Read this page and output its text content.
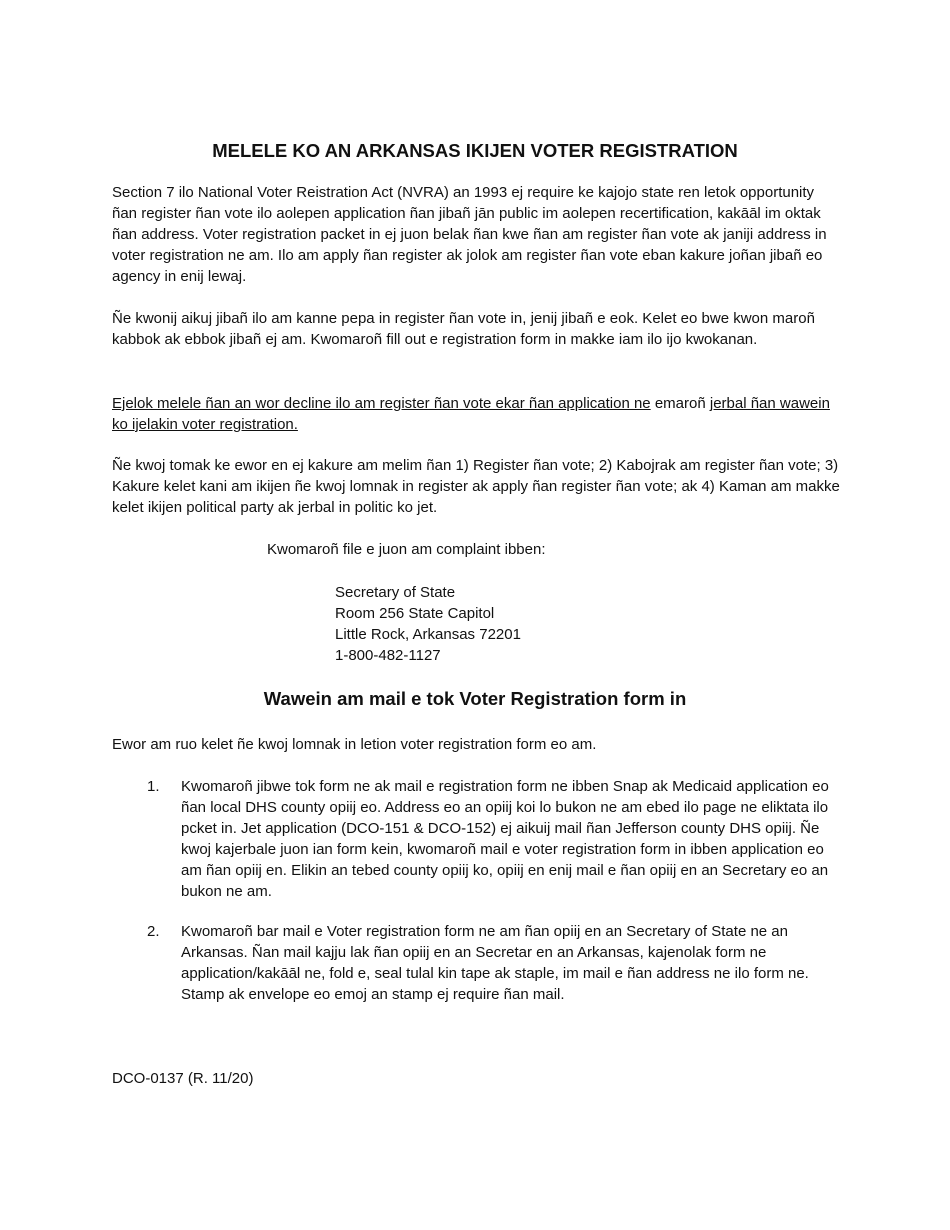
MELELE KO AN ARKANSAS IKIJEN VOTER REGISTRATION

Section 7 ilo National Voter Reistration Act (NVRA) an 1993 ej require ke kajojo state ren letok opportunity ñan register ñan vote ilo aolepen application ñan jibañ jān public im aolepen recertification, kakāāl im oktak ñan address. Voter registration packet in ej juon belak ñan kwe ñan am register ñan vote ak janiji address in voter registration ne am. Ilo am apply ñan register ak jolok am register ñan vote eban kakure joñan jibañ eo agency in enij lewaj.

Ñe kwonij aikuj jibañ ilo am kanne pepa in register ñan vote in, jenij jibañ e eok. Kelet eo bwe kwon maroñ kabbok ak ebbok jibañ ej am. Kwomaroñ fill out e registration form in makke iam ilo ijo kwokanan.

Ejelok melele ñan an wor decline ilo am register ñan vote ekar ñan application ne emaroñ jerbal ñan wawein ko ijelakin voter registration.

Ñe kwoj tomak ke ewor en ej kakure am melim ñan 1) Register ñan vote; 2) Kabojrak am register ñan vote; 3) Kakure kelet kani am ikijen ñe kwoj lomnak in register ak apply ñan register ñan vote; ak 4) Kaman am makke kelet ikijen political party ak jerbal in politic ko jet.

Kwomaroñ file e juon am complaint ibben:
Secretary of State
Room 256 State Capitol
Little Rock, Arkansas 72201
1-800-482-1127
Wawein am mail e tok Voter Registration form in

Ewor am ruo kelet ñe kwoj lomnak in letion voter registration form eo am.

1.	Kwomaroñ jibwe tok form ne ak mail e registration form ne ibben Snap ak Medicaid application eo ñan local DHS county opiij eo. Address eo an opiij koi lo bukon ne am ebed ilo page ne eliktata ilo pcket in. Jet application (DCO-151 & DCO-152) ej aikuij mail ñan Jefferson county DHS opiij. Ñe kwoj kajerbale juon ian form kein, kwomaroñ mail e voter registration form in ibben application eo am ñan opiij en. Elikin an tebed county opiij ko, opiij en enij mail e ñan opiij en an Secretary eo an bukon ne am.
2.	Kwomaroñ bar mail e Voter registration form ne am ñan opiij en an Secretary of State ne an Arkansas. Ñan mail kajju lak ñan opiij en an Secretar en an Arkansas, kajenolak form ne application/kakāāl ne, fold e, seal tulal kin tape ak staple, im mail e ñan address ne ilo form ne. Stamp ak envelope eo emoj an stamp ej require ñan mail.
DCO-0137 (R. 11/20)
